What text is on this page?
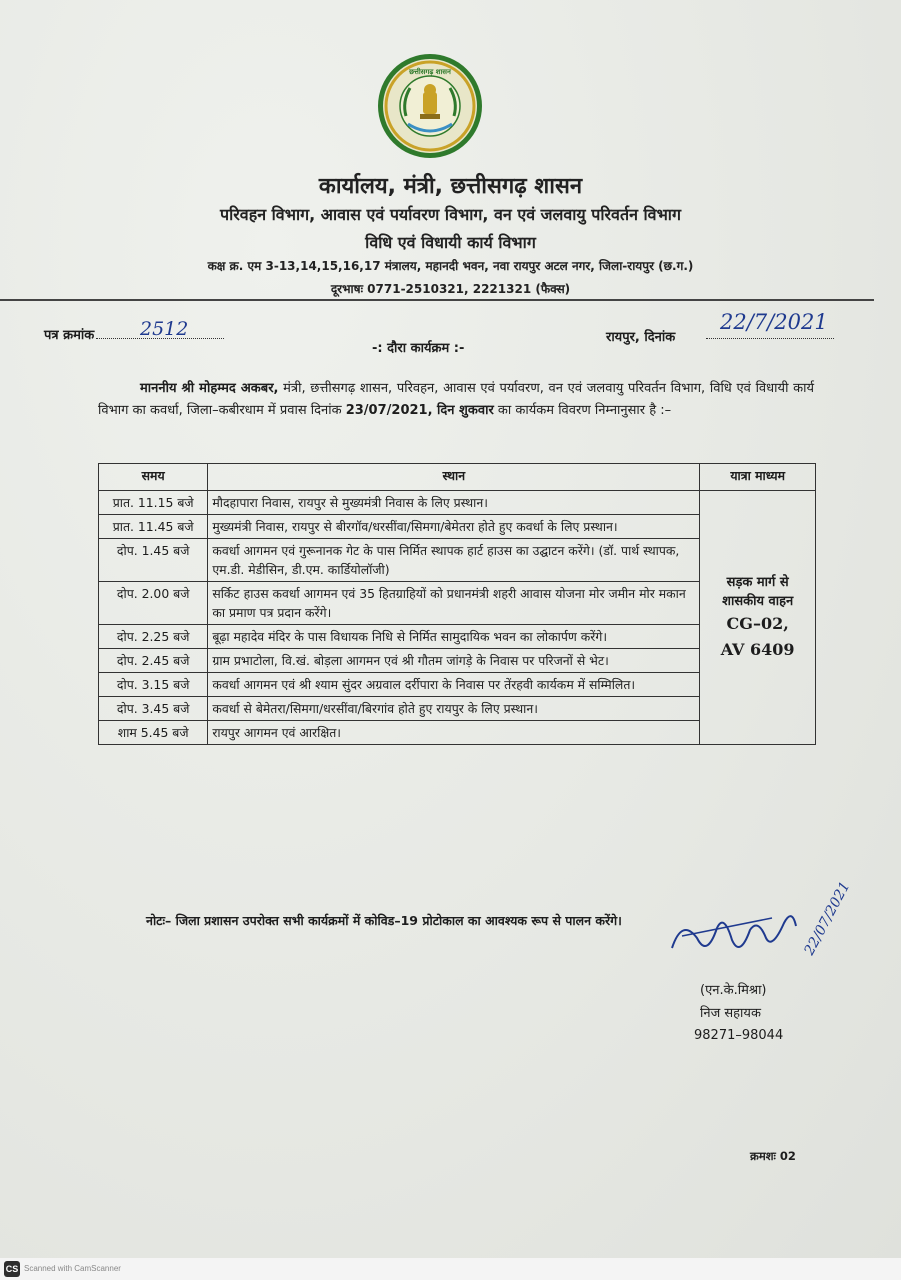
छत्तीसगढ़ शासन
कार्यालय, मंत्री, छत्तीसगढ़ शासन
परिवहन विभाग, आवास एवं पर्यावरण विभाग, वन एवं जलवायु परिवर्तन विभाग
विधि एवं विधायी कार्य विभाग
कक्ष क्र. एम 3-13,14,15,16,17 मंत्रालय, महानदी भवन, नवा रायपुर अटल नगर, जिला-रायपुर (छ.ग.)
दूरभाषः 0771-2510321, 2221321 (फैक्स)
पत्र क्रमांक	2512
-: दौरा कार्यक्रम :-
रायपुर, दिनांक
22/7/2021
माननीय श्री मोहम्मद अकबर, मंत्री, छत्तीसगढ़ शासन, परिवहन, आवास एवं पर्यावरण, वन एवं जलवायु परिवर्तन विभाग, विधि एवं विधायी कार्य विभाग का कवर्धा, जिला–कबीरधाम में प्रवास दिनांक 23/07/2021, दिन शुकवार का कार्यकम विवरण निम्नानुसार है :–
समय	स्थान	यात्रा माध्यम
प्रात. 11.15 बजे	मौदहापारा निवास, रायपुर से मुख्यमंत्री निवास के लिए प्रस्थान।	सड़क मार्ग से
शासकीय वाहन
CG–02,
AV 6409

प्रात. 11.45 बजे	मुख्यमंत्री निवास, रायपुर से बीरगॉव/धरसींवा/सिमगा/बेमेतरा होते हुए कवर्धा के लिए प्रस्थान।	
दोप. 1.45 बजे	कवर्धा आगमन एवं गुरूनानक गेट के पास निर्मित स्थापक हार्ट हाउस का उद्घाटन करेंगे। (डॉ. पार्थ स्थापक, एम.डी. मेडीसिन, डी.एम. कार्डियोलॉजी)	
दोप. 2.00 बजे	सर्किट हाउस कवर्धा आगमन एवं 35 हितग्राहियों को प्रधानमंत्री शहरी आवास योजना मोर जमीन मोर मकान का प्रमाण पत्र प्रदान करेंगे।	
दोप. 2.25 बजे	बूढ़ा महादेव मंदिर के पास विधायक निधि से निर्मित सामुदायिक भवन का लोकार्पण करेंगे।	
दोप. 2.45 बजे	ग्राम प्रभाटोला, वि.खं. बोड़ला आगमन एवं श्री गौतम जांगड़े के निवास पर परिजनों से भेट।	
दोप. 3.15 बजे	कवर्धा आगमन एवं श्री श्याम सुंदर अग्रवाल दर्रीपारा के निवास पर तेंरहवी कार्यकम में सम्मिलित।	
दोप. 3.45 बजे	कवर्धा से बेमेतरा/सिमगा/धरसींवा/बिरगांव होते हुए रायपुर के लिए प्रस्थान।	
शाम 5.45 बजे	रायपुर आगमन एवं आरक्षित।	
नोटः– जिला प्रशासन उपरोक्त सभी कार्यक्रमों में कोविड–19 प्रोटोकाल का आवश्यक रूप से पालन करेंगे।	22/07/2021
(एन.के.मिश्रा)
निज सहायक
98271–98044
क्रमशः 02
CS Scanned with CamScanner
